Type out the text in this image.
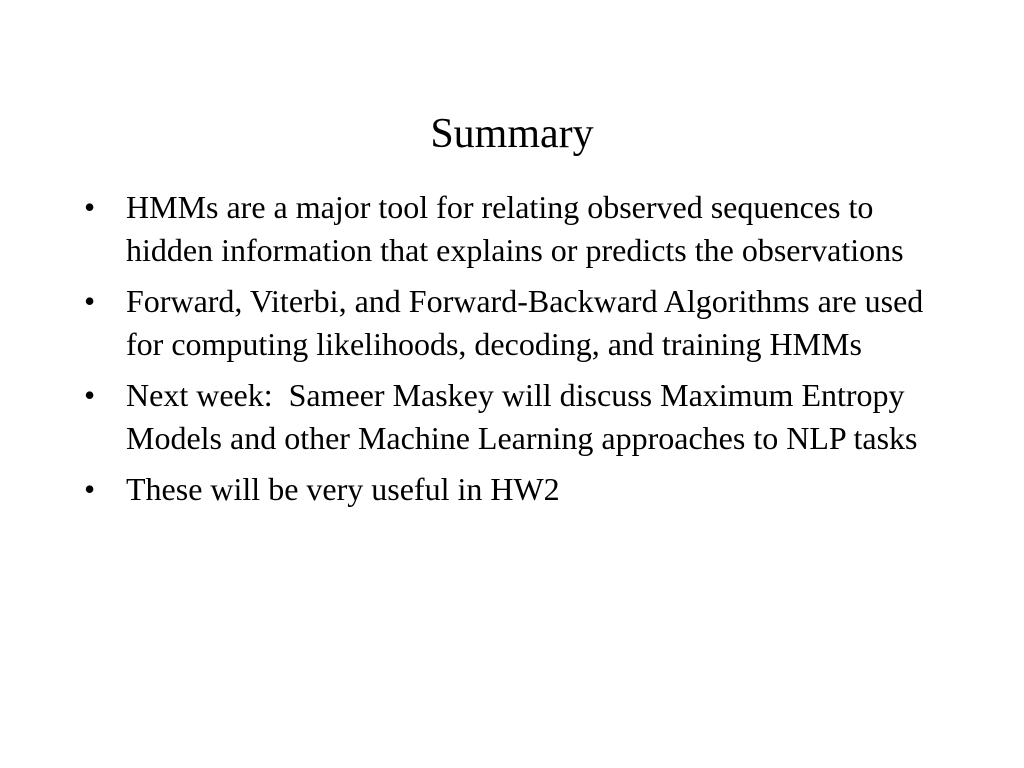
Summary
• HMMs are a major tool for relating observed sequences to hidden information that explains or predicts the observations
• Forward, Viterbi, and Forward-Backward Algorithms are used for computing likelihoods, decoding, and training HMMs
• Next week:  Sameer Maskey will discuss Maximum Entropy Models and other Machine Learning approaches to NLP tasks
• These will be very useful in HW2
